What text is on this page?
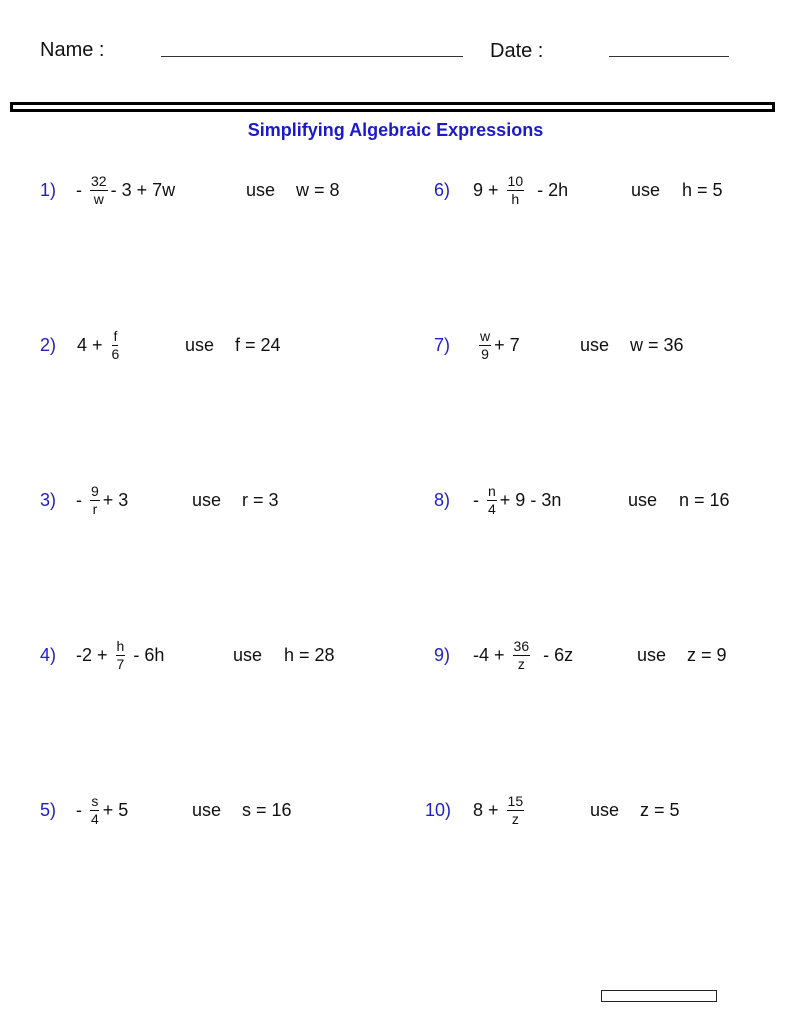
Name :	Date :
Simplifying Algebraic Expressions
$1) - \frac{32}{w} - 3 + 7w$	use w = 8
2) $4 + \frac{f}{6}$	use f = 24
$3) - \frac{9}{r} + 3$	use r = 3
4) $-2 + \frac{h}{7} - 6h$	use h = 28
$5) - \frac{s}{4} + 5$	use s = 16
6) $9 + \frac{10}{h} - 2h$	use h = 5
$7) \frac{w}{9} + 7$	use w = 36
$8) - \frac{n}{4} + 9 - 3n$	use n = 16
9) $-4 + \frac{36}{z} - 6z$	use z = 9
10) $8 + \frac{15}{z}$	use z = 5
